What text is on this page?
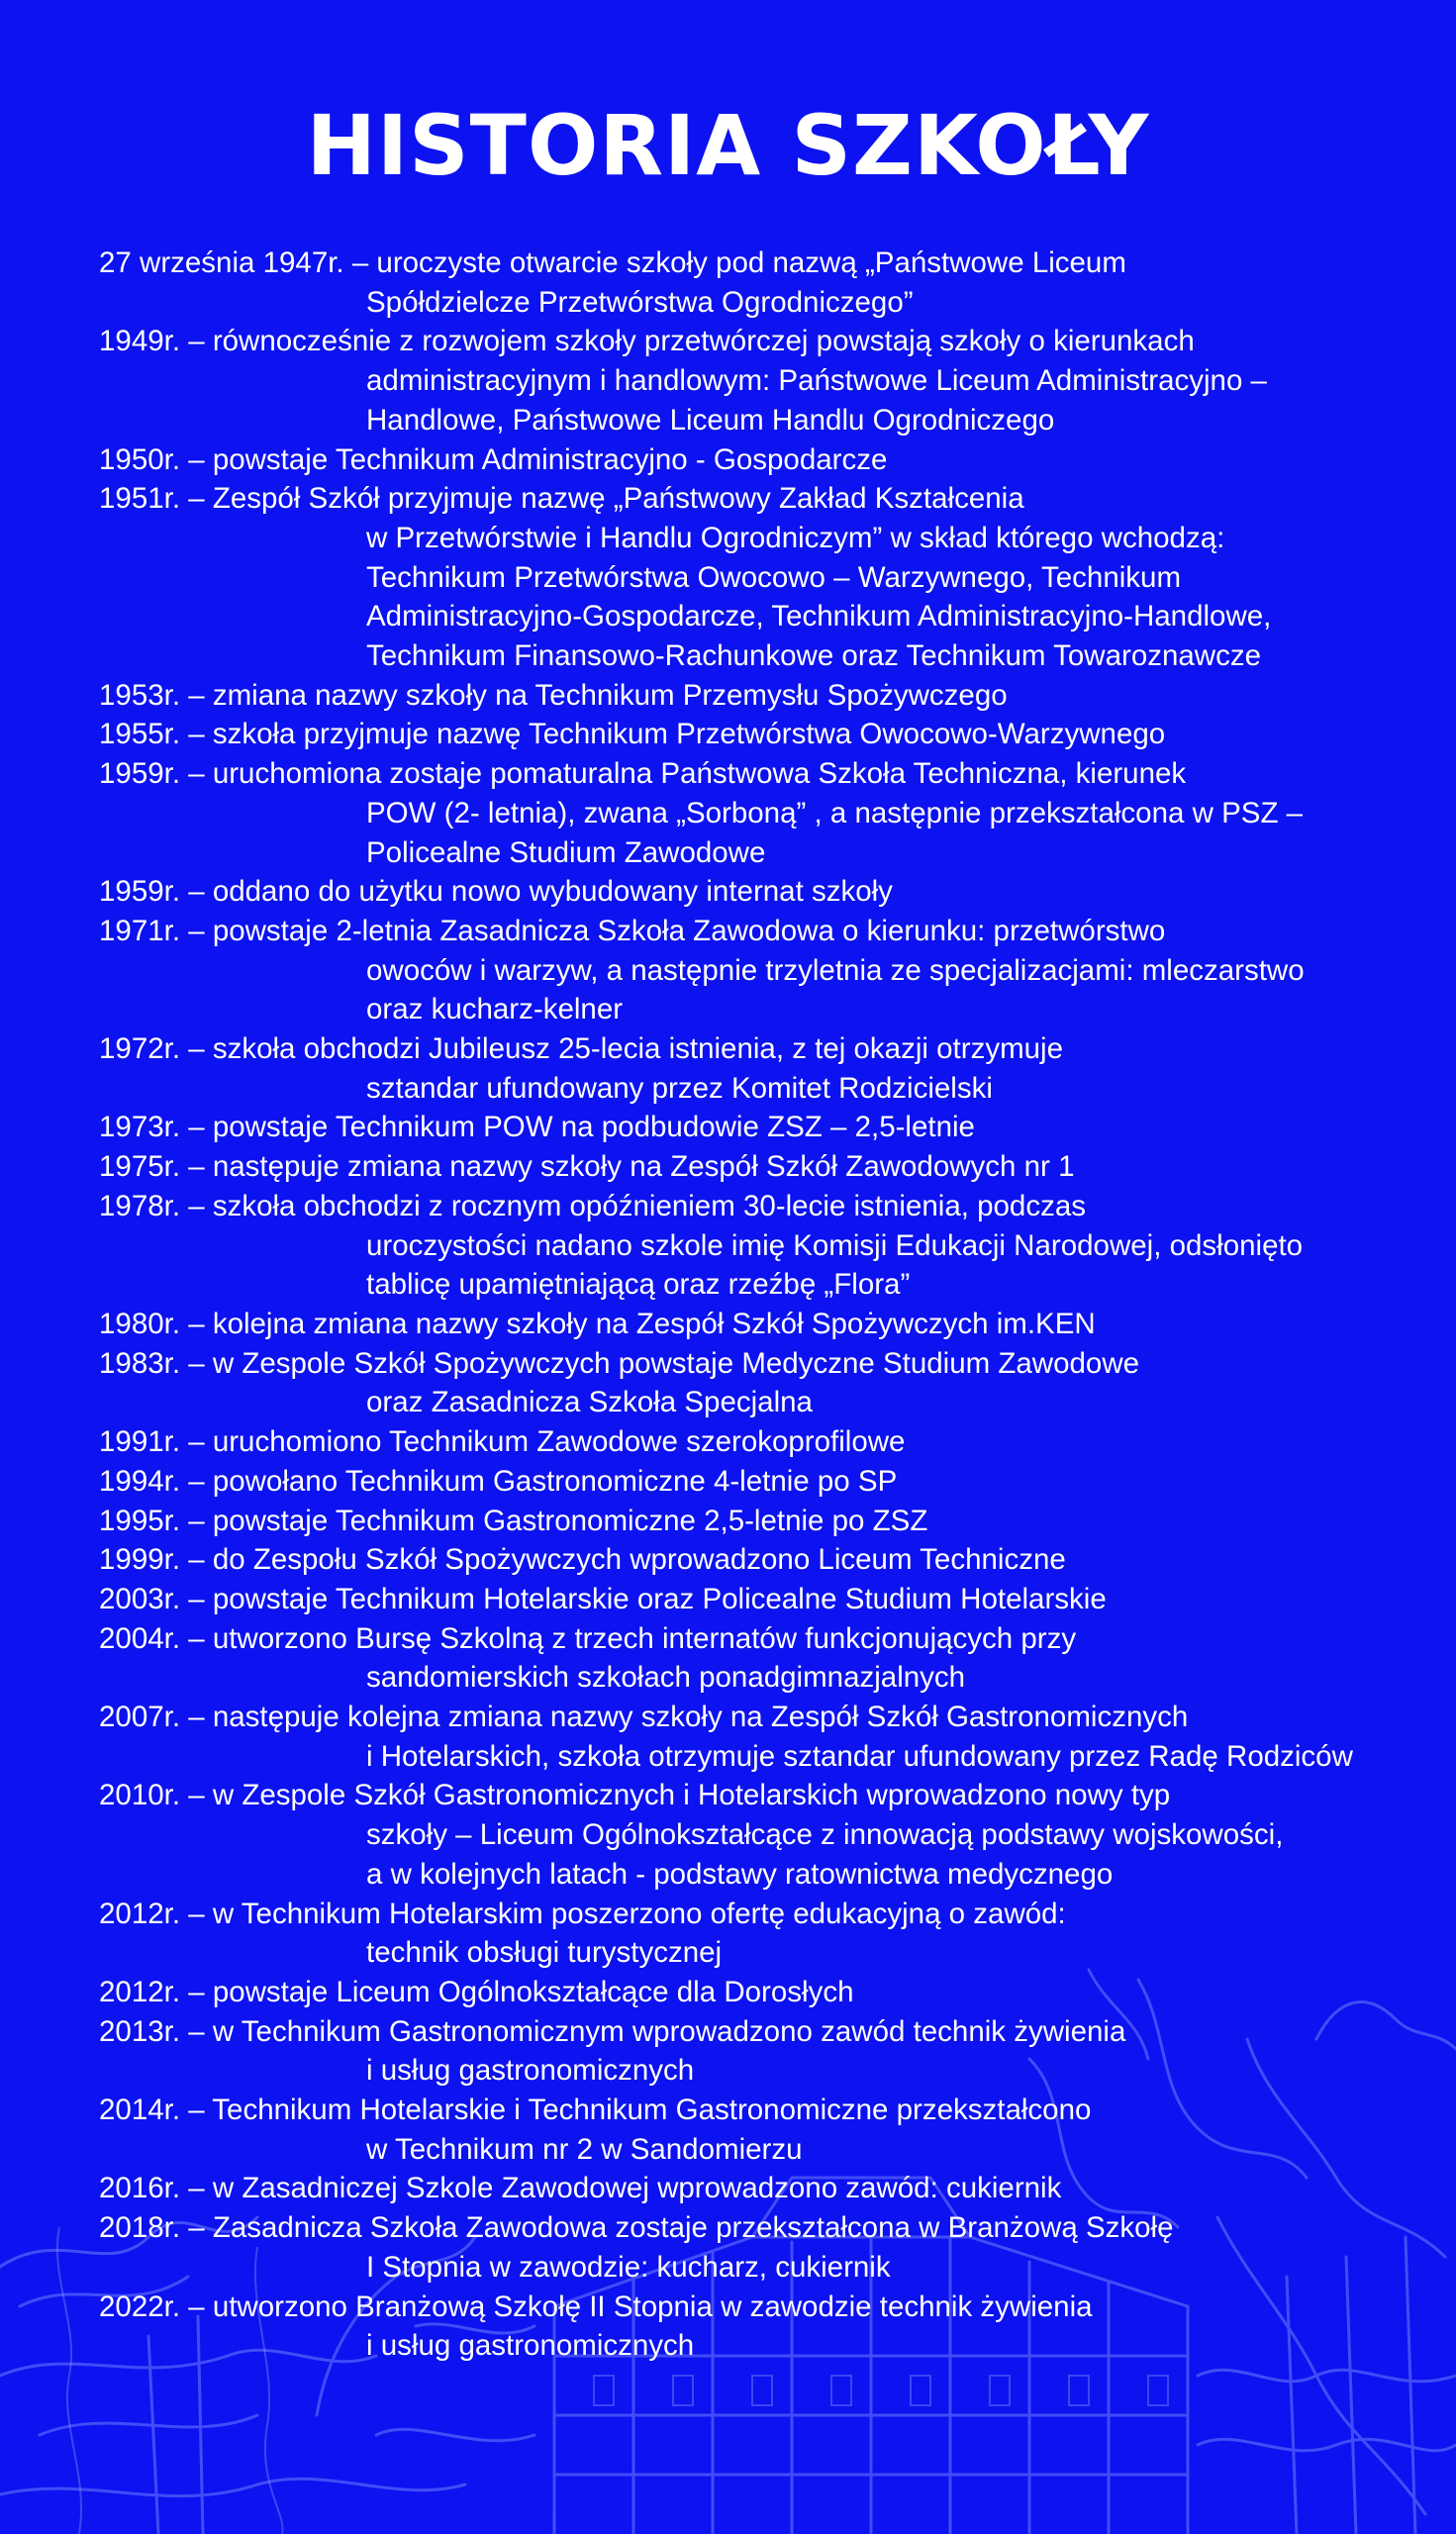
HISTORIA SZKOŁY
27 września 1947r. – uroczyste otwarcie szkoły pod nazwą „Państwowe Liceum
Spółdzielcze Przetwórstwa Ogrodniczego”
1949r. – równocześnie z rozwojem szkoły przetwórczej powstają szkoły o kierunkach
administracyjnym i handlowym: Państwowe Liceum Administracyjno –
Handlowe, Państwowe Liceum Handlu Ogrodniczego
1950r. – powstaje Technikum Administracyjno - Gospodarcze
1951r. – Zespół Szkół przyjmuje nazwę „Państwowy Zakład Kształcenia
w Przetwórstwie i Handlu Ogrodniczym” w skład którego wchodzą:
Technikum Przetwórstwa Owocowo – Warzywnego, Technikum
Administracyjno-Gospodarcze, Technikum Administracyjno-Handlowe,
Technikum Finansowo-Rachunkowe oraz Technikum Towaroznawcze
1953r. – zmiana nazwy szkoły na Technikum Przemysłu Spożywczego
1955r. – szkoła przyjmuje nazwę Technikum Przetwórstwa Owocowo-Warzywnego
1959r. – uruchomiona zostaje pomaturalna Państwowa Szkoła Techniczna, kierunek
POW (2- letnia), zwana „Sorboną” , a następnie przekształcona w PSZ –
Policealne Studium Zawodowe
1959r. – oddano do użytku nowo wybudowany internat szkoły
1971r. – powstaje 2-letnia Zasadnicza Szkoła Zawodowa o kierunku: przetwórstwo
owoców i warzyw, a następnie trzyletnia ze specjalizacjami: mleczarstwo
oraz kucharz-kelner
1972r. – szkoła obchodzi Jubileusz 25-lecia istnienia, z tej okazji otrzymuje
sztandar ufundowany przez Komitet Rodzicielski
1973r. – powstaje Technikum POW na podbudowie ZSZ – 2,5-letnie
1975r. – następuje zmiana nazwy szkoły na Zespół Szkół Zawodowych nr 1
1978r. – szkoła obchodzi z rocznym opóźnieniem 30-lecie istnienia, podczas
uroczystości nadano szkole imię Komisji Edukacji Narodowej, odsłonięto
tablicę upamiętniającą oraz rzeźbę „Flora”
1980r. – kolejna zmiana nazwy szkoły na Zespół Szkół Spożywczych im.KEN
1983r. – w Zespole Szkół Spożywczych powstaje Medyczne Studium Zawodowe
oraz Zasadnicza Szkoła Specjalna
1991r. – uruchomiono Technikum Zawodowe szerokoprofilowe
1994r. – powołano Technikum Gastronomiczne 4-letnie po SP
1995r. – powstaje Technikum Gastronomiczne 2,5-letnie po ZSZ
1999r. – do Zespołu Szkół Spożywczych wprowadzono Liceum Techniczne
2003r. – powstaje Technikum Hotelarskie oraz Policealne Studium Hotelarskie
2004r. – utworzono Bursę Szkolną z trzech internatów funkcjonujących przy
sandomierskich szkołach ponadgimnazjalnych
2007r. – następuje kolejna zmiana nazwy szkoły na Zespół Szkół Gastronomicznych
i Hotelarskich, szkoła otrzymuje sztandar ufundowany przez Radę Rodziców
2010r. – w Zespole Szkół Gastronomicznych i Hotelarskich wprowadzono nowy typ
szkoły – Liceum Ogólnokształcące z innowacją podstawy wojskowości,
a w kolejnych latach - podstawy ratownictwa medycznego
2012r. – w Technikum Hotelarskim poszerzono ofertę edukacyjną o zawód:
technik obsługi turystycznej
2012r. – powstaje Liceum Ogólnokształcące dla Dorosłych
2013r. – w Technikum Gastronomicznym wprowadzono zawód technik żywienia
i usług gastronomicznych
2014r. – Technikum Hotelarskie i Technikum Gastronomiczne przekształcono
w Technikum nr 2 w Sandomierzu
2016r. – w Zasadniczej Szkole Zawodowej wprowadzono zawód: cukiernik
2018r. – Zasadnicza Szkoła Zawodowa zostaje przekształcona w Branżową Szkołę
I Stopnia w zawodzie: kucharz, cukiernik
2022r. – utworzono Branżową Szkołę II Stopnia w zawodzie technik żywienia
i usług gastronomicznych
